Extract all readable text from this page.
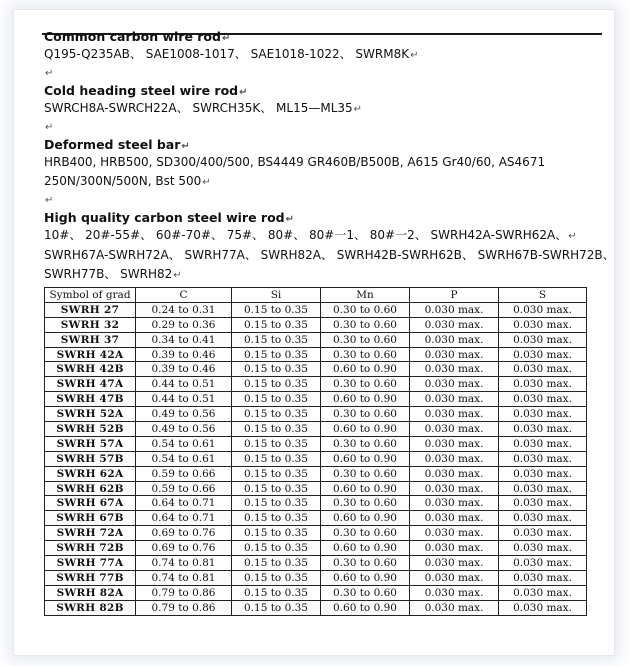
Common carbon wire rod↵
Q195-Q235AB、 SAE1008-1017、 SAE1018-1022、 SWRM8K↵
↵
Cold heading steel wire rod↵
SWRCH8A-SWRCH22A、 SWRCH35K、 ML15—ML35↵
↵
Deformed steel bar↵
HRB400, HRB500, SD300/400/500, BS4449 GR460B/B500B, A615 Gr40/60, AS4671
250N/300N/500N, Bst 500↵
↵
High quality carbon steel wire rod↵
10#、 20#-55#、 60#-70#、 75#、 80#、 80#一1、 80#一2、 SWRH42A-SWRH62A、↵
SWRH67A-SWRH72A、 SWRH77A、 SWRH82A、 SWRH42B-SWRH62B、 SWRH67B-SWRH72B、
SWRH77B、 SWRH82↵
Symbol of grad	C	Si	Mn	P	S
SWRH 27	0.24 to 0.31	0.15 to 0.35	0.30 to 0.60	0.030 max.	0.030 max.
SWRH 32	0.29 to 0.36	0.15 to 0.35	0.30 to 0.60	0.030 max.	0.030 max.
SWRH 37	0.34 to 0.41	0.15 to 0.35	0.30 to 0.60	0.030 max.	0.030 max.
SWRH 42A	0.39 to 0.46	0.15 to 0.35	0.30 to 0.60	0.030 max.	0.030 max.
SWRH 42B	0.39 to 0.46	0.15 to 0.35	0.60 to 0.90	0.030 max.	0.030 max.
SWRH 47A	0.44 to 0.51	0.15 to 0.35	0.30 to 0.60	0.030 max.	0.030 max.
SWRH 47B	0.44 to 0.51	0.15 to 0.35	0.60 to 0.90	0.030 max.	0.030 max.
SWRH 52A	0.49 to 0.56	0.15 to 0.35	0.30 to 0.60	0.030 max.	0.030 max.
SWRH 52B	0.49 to 0.56	0.15 to 0.35	0.60 to 0.90	0.030 max.	0.030 max.
SWRH 57A	0.54 to 0.61	0.15 to 0.35	0.30 to 0.60	0.030 max.	0.030 max.
SWRH 57B	0.54 to 0.61	0.15 to 0.35	0.60 to 0.90	0.030 max.	0.030 max.
SWRH 62A	0.59 to 0.66	0.15 to 0.35	0.30 to 0.60	0.030 max.	0.030 max.
SWRH 62B	0.59 to 0.66	0.15 to 0.35	0.60 to 0.90	0.030 max.	0.030 max.
SWRH 67A	0.64 to 0.71	0.15 to 0.35	0.30 to 0.60	0.030 max.	0.030 max.
SWRH 67B	0.64 to 0.71	0.15 to 0.35	0.60 to 0.90	0.030 max.	0.030 max.
SWRH 72A	0.69 to 0.76	0.15 to 0.35	0.30 to 0.60	0.030 max.	0.030 max.
SWRH 72B	0.69 to 0.76	0.15 to 0.35	0.60 to 0.90	0.030 max.	0.030 max.
SWRH 77A	0.74 to 0.81	0.15 to 0.35	0.30 to 0.60	0.030 max.	0.030 max.
SWRH 77B	0.74 to 0.81	0.15 to 0.35	0.60 to 0.90	0.030 max.	0.030 max.
SWRH 82A	0.79 to 0.86	0.15 to 0.35	0.30 to 0.60	0.030 max.	0.030 max.
SWRH 82B	0.79 to 0.86	0.15 to 0.35	0.60 to 0.90	0.030 max.	0.030 max.
